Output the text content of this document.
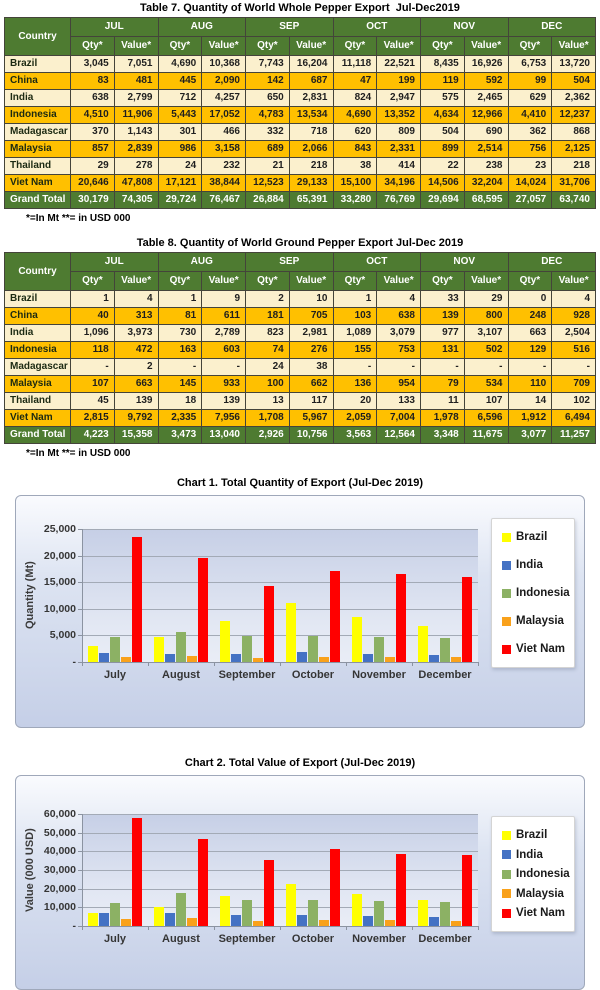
Table 7. Quantity of World Whole Pepper Export  Jul-Dec2019
Country	JUL		AUG		SEP		OCT		NOV		DEC	
	Qty*	Value*	Qty*	Value*	Qty*	Value*	Qty*	Value*	Qty*	Value*	Qty*	Value*
Brazil	3,045	7,051	4,690	10,368	7,743	16,204	11,118	22,521	8,435	16,926	6,753	13,720
China	83	481	445	2,090	142	687	47	199	119	592	99	504
India	638	2,799	712	4,257	650	2,831	824	2,947	575	2,465	629	2,362
Indonesia	4,510	11,906	5,443	17,052	4,783	13,534	4,690	13,352	4,634	12,966	4,410	12,237
Madagascar	370	1,143	301	466	332	718	620	809	504	690	362	868
Malaysia	857	2,839	986	3,158	689	2,066	843	2,331	899	2,514	756	2,125
Thailand	29	278	24	232	21	218	38	414	22	238	23	218
Viet Nam	20,646	47,808	17,121	38,844	12,523	29,133	15,100	34,196	14,506	32,204	14,024	31,706
Grand Total	30,179	74,305	29,724	76,467	26,884	65,391	33,280	76,769	29,694	68,595	27,057	63,740
*=In Mt **= in USD 000
Table 8. Quantity of World Ground Pepper Export Jul-Dec 2019
Country	JUL		AUG		SEP		OCT		NOV		DEC	
	Qty*	Value*	Qty*	Value*	Qty*	Value*	Qty*	Value*	Qty*	Value*	Qty*	Value*
Brazil	1	4	1	9	2	10	1	4	33	29	0	4
China	40	313	81	611	181	705	103	638	139	800	248	928
India	1,096	3,973	730	2,789	823	2,981	1,089	3,079	977	3,107	663	2,504
Indonesia	118	472	163	603	74	276	155	753	131	502	129	516
Madagascar	-	2	-	-	24	38	-	-	-	-	-	-
Malaysia	107	663	145	933	100	662	136	954	79	534	110	709
Thailand	45	139	18	139	13	117	20	133	11	107	14	102
Viet Nam	2,815	9,792	2,335	7,956	1,708	5,967	2,059	7,004	1,978	6,596	1,912	6,494
Grand Total	4,223	15,358	3,473	13,040	2,926	10,756	3,563	12,564	3,348	11,675	3,077	11,257
*=In Mt **= in USD 000
Chart 1. Total Quantity of Export (Jul-Dec 2019)
25,000
20,000
15,000
10,000
5,000
-
July	August	September	October	November	December
Quantity (Mt)
Brazil
India
Indonesia
Malaysia
Viet Nam
Chart 2. Total Value of Export (Jul-Dec 2019)
60,000
50,000
40,000
30,000
20,000
10,000
-
July	August	September	October	November	December
Value (000 USD)	Brazil
India
Indonesia
Malaysia
Viet Nam
